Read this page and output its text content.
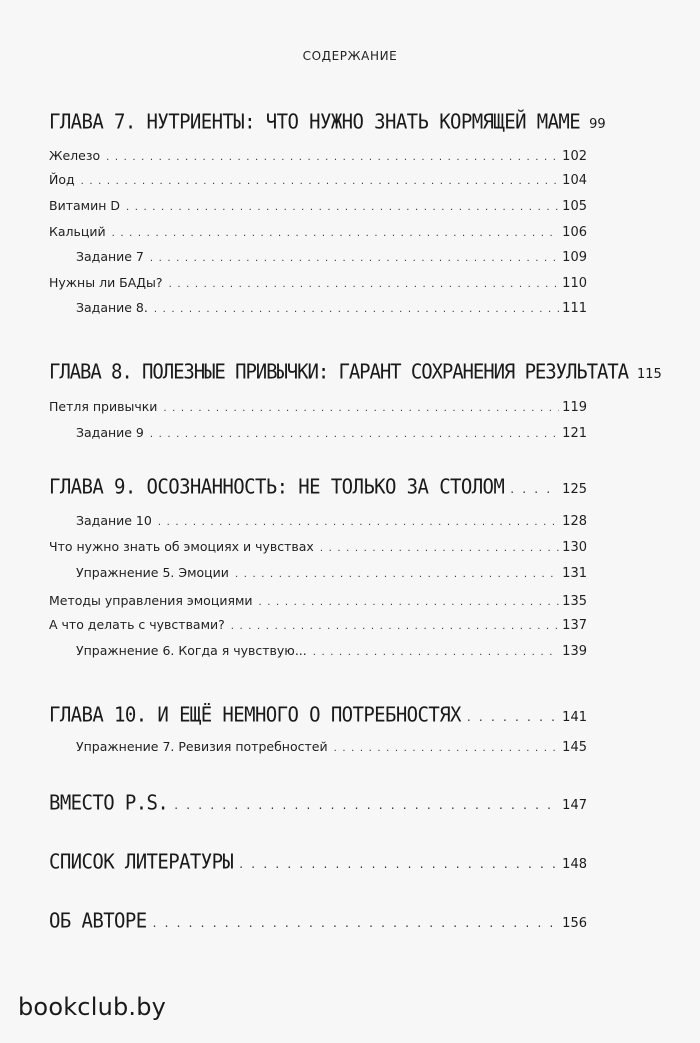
СОДЕРЖАНИЕ
ГЛАВА 7. НУТРИЕНТЫ: ЧТО НУЖНО ЗНАТЬ КОРМЯЩЕЙ МАМЕ 99
Железо . . .	102
Йод . . .	104
Витамин D . . .	105
Кальций . . .	106
Задание 7 . . .	109
Нужны ли БАДы? . . .	110
Задание 8. . . .	111
ГЛАВА 8. ПОЛЕЗНЫЕ ПРИВЫЧКИ: ГАРАНТ СОХРАНЕНИЯ РЕЗУЛЬТАТА 115
Петля привычки . . .	119
Задание 9 . . .	121
ГЛАВА 9. ОСОЗНАННОСТЬ: НЕ ТОЛЬКО ЗА СТОЛОМ . . .	125
Задание 10 . . .	128
Что нужно знать об эмоциях и чувствах . . .	130
Упражнение 5. Эмоции . . .	131
Методы управления эмоциями . . .	135
А что делать с чувствами? . . .	137
Упражнение 6. Когда я чувствую... . . .	139
ГЛАВА 10. И ЕЩЁ НЕМНОГО О ПОТРЕБНОСТЯХ . . .	141
Упражнение 7. Ревизия потребностей . . .	145
ВМЕСТО P.S. . . .	147
СПИСОК ЛИТЕРАТУРЫ . . .	148
ОБ АВТОРЕ . . .	156
bookclub.by
